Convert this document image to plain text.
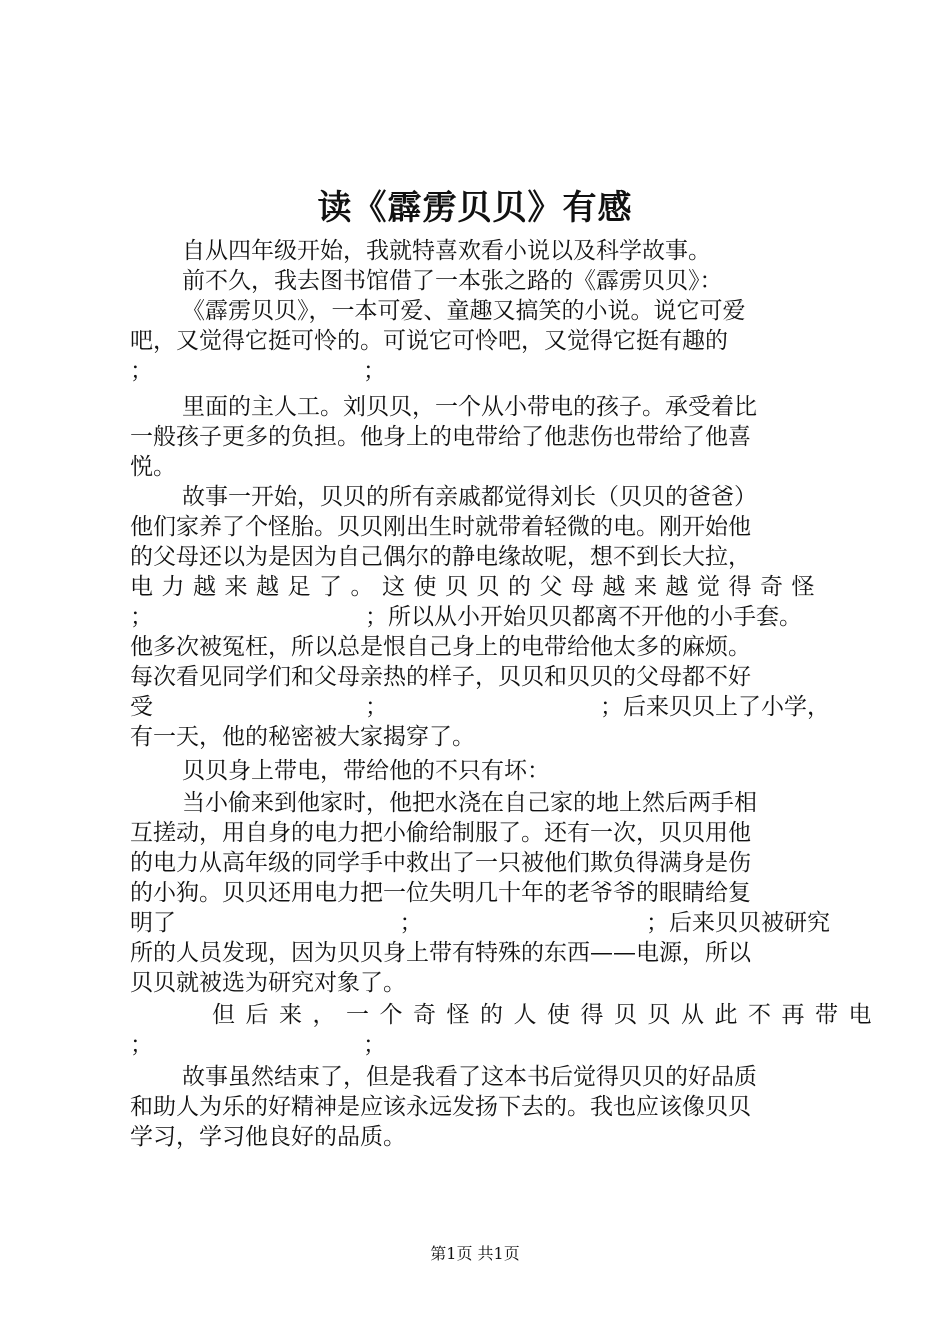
读《霹雳贝贝》有感
自从四年级开始，我就特喜欢看小说以及科学故事。
前不久，我去图书馆借了一本张之路的《霹雳贝贝》：
《霹雳贝贝》，一本可爱、童趣又搞笑的小说。说它可爱
吧，又觉得它挺可怜的。可说它可怜吧，又觉得它挺有趣的
；	；
里面的主人工。刘贝贝，一个从小带电的孩子。承受着比
一般孩子更多的负担。他身上的电带给了他悲伤也带给了他喜
悦。
故事一开始，贝贝的所有亲戚都觉得刘长（贝贝的爸爸）
他们家养了个怪胎。贝贝刚出生时就带着轻微的电。刚开始他
的父母还以为是因为自己偶尔的静电缘故呢，想不到长大拉，
电力越来越足了。这使贝贝的父母越来越觉得奇怪
；	；所以从小开始贝贝都离不开他的小手套。
他多次被冤枉，所以总是恨自己身上的电带给他太多的麻烦。
每次看见同学们和父母亲热的样子，贝贝和贝贝的父母都不好
受	；	；后来贝贝上了小学，
有一天，他的秘密被大家揭穿了。
贝贝身上带电，带给他的不只有坏：
当小偷来到他家时，他把水浇在自己家的地上然后两手相
互搓动，用自身的电力把小偷给制服了。还有一次，贝贝用他
的电力从高年级的同学手中救出了一只被他们欺负得满身是伤
的小狗。贝贝还用电力把一位失明几十年的老爷爷的眼睛给复
明了	；	；后来贝贝被研究
所的人员发现，因为贝贝身上带有特殊的东西——电源，所以
贝贝就被选为研究对象了。
但后来，一个奇怪的人使得贝贝从此不再带电
；	；
故事虽然结束了，但是我看了这本书后觉得贝贝的好品质
和助人为乐的好精神是应该永远发扬下去的。我也应该像贝贝
学习，学习他良好的品质。
第1页 共1页
